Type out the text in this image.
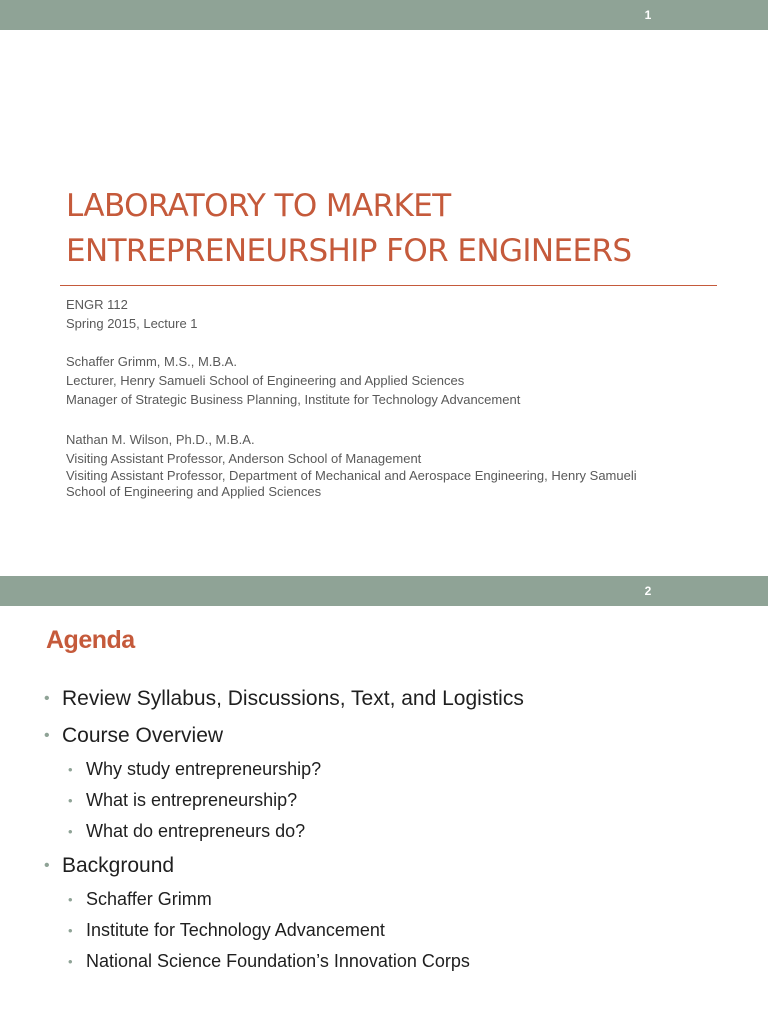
1
LABORATORY TO MARKET
ENTREPRENEURSHIP FOR ENGINEERS

ENGR 112

Spring 2015, Lecture 1

Schaffer Grimm, M.S., M.B.A.

Lecturer, Henry Samueli School of Engineering and Applied Sciences

Manager of Strategic Business Planning, Institute for Technology Advancement

Nathan M. Wilson, Ph.D., M.B.A.

Visiting Assistant Professor, Anderson School of Management

Visiting Assistant Professor, Department of Mechanical and Aerospace Engineering, Henry Samueli

School of Engineering and Applied Sciences

2
Agenda
• Review Syllabus, Discussions, Text, and Logistics
• Course Overview
• Why study entrepreneurship?
• What is entrepreneurship?
• What do entrepreneurs do?
• Background
• Schaffer Grimm
• Institute for Technology Advancement
• National Science Foundation’s Innovation Corps
